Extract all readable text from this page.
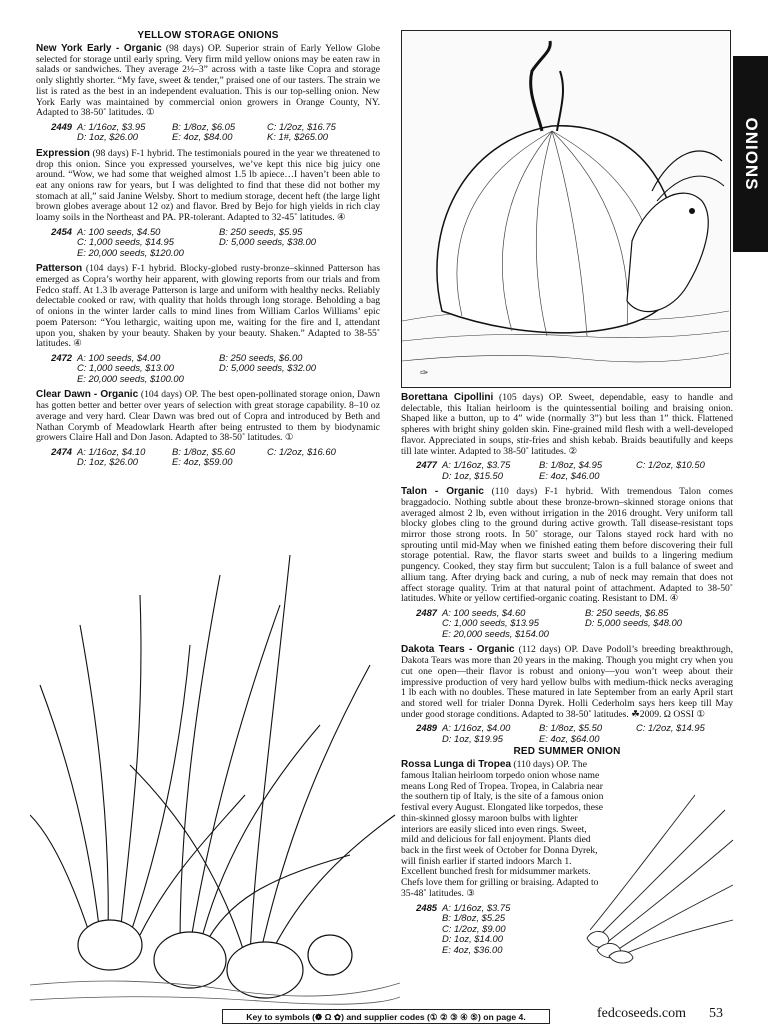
ONIONS
✑
YELLOW STORAGE ONIONS
New York Early - Organic (98 days) OP. Superior strain of Early Yellow Globe selected for storage until early spring. Very firm mild yellow onions may be eaten raw in salads or sandwiches. They average 2½–3” across with a taste like Copra and storage only slightly shorter. “My fave, sweet & tender,” praised one of our tasters. The strain we list is rated as the best in an independent evaluation. This is our top-selling onion. New York Early was maintained by commercial onion growers in Orange County, NY. Adapted to 38-50˚ latitudes. ①
2449 A: 1/16oz, $3.95	B: 1/8oz, $6.05	C: 1/2oz, $16.75
D: 1oz, $26.00	E: 4oz, $84.00	K: 1#, $265.00
Expression (98 days) F-1 hybrid. The testimonials poured in the year we threatened to drop this onion. Since you expressed yourselves, we’ve kept this nice big juicy one around. “Wow, we had some that weighed almost 1.5 lb apiece…I haven’t been able to eat any onions raw for years, but I was delighted to find that these did not bother my stomach at all,” said Janine Welsby. Short to medium storage, decent heft (the large light brown globes average about 12 oz) and flavor. Bred by Bejo for high yields in rich clay loamy soils in the Northeast and PA. PR-tolerant. Adapted to 32-45˚ latitudes. ④
2454 A: 100 seeds, $4.50	B: 250 seeds, $5.95
C: 1,000 seeds, $14.95	D: 5,000 seeds, $38.00
E: 20,000 seeds, $120.00
Patterson (104 days) F-1 hybrid. Blocky-globed rusty-bronze–skinned Patterson has emerged as Copra’s worthy heir apparent, with glowing reports from our trials and from Fedco staff. At 1.3 lb average Patterson is large and uniform with healthy necks. Reliably delectable cooked or raw, with quality that holds through long storage. Beholding a bag of onions in the winter larder calls to mind lines from William Carlos Williams’ epic poem Paterson: “You lethargic, waiting upon me, waiting for the fire and I, attendant upon you, shaken by your beauty. Shaken by your beauty. Shaken.” Adapted to 38-55˚ latitudes. ④
2472 A: 100 seeds, $4.00	B: 250 seeds, $6.00
C: 1,000 seeds, $13.00	D: 5,000 seeds, $32.00
E: 20,000 seeds, $100.00
Clear Dawn - Organic (104 days) OP. The best open-pollinated storage onion, Dawn has gotten better and better over years of selection with great storage capability. 8–10 oz average and very hard. Clear Dawn was bred out of Copra and introduced by Beth and Nathan Corymb of Meadowlark Hearth after being entrusted to them by biodynamic growers Claire Hall and Don Jason. Adapted to 38-50˚ latitudes. ①
2474 A: 1/16oz, $4.10	B: 1/8oz, $5.60	C: 1/2oz, $16.60
D: 1oz, $26.00	E: 4oz, $59.00
Borettana Cipollini (105 days) OP. Sweet, dependable, easy to handle and delectable, this Italian heirloom is the quintessential boiling and braising onion. Shaped like a button, up to 4” wide (normally 3”) but less than 1” thick. Flattened spheres with bright shiny golden skin. Fine-grained mild flesh with a well-developed flavor. Appreciated in soups, stir-fries and shish kebab. Braids beautifully and keeps till late winter. Adapted to 38-50˚ latitudes. ②
2477 A: 1/16oz, $3.75	B: 1/8oz, $4.95	C: 1/2oz, $10.50
D: 1oz, $15.50	E: 4oz, $46.00
Talon - Organic (110 days) F-1 hybrid. With tremendous Talon comes braggadocio. Nothing subtle about these bronze-brown–skinned storage onions that averaged almost 2 lb, even without irrigation in the 2016 drought. Very uniform tall blocky globes cling to the ground during active growth. Tall disease-resistant tops mirror those strong roots. In 50˚ storage, our Talons stayed rock hard with no sprouting until mid-May when we finished eating them before discovering their full storage potential. Raw, the flavor starts sweet and builds to a lingering medium pungency. Cooked, they stay firm but succulent; Talon is a full balance of sweet and allium tang. After drying back and curing, a nub of neck may remain that does not affect storage quality. Trim at that natural point of attachment. Adapted to 38-50˚ latitudes. White or yellow certified-organic coating. Resistant to DM. ④
2487 A: 100 seeds, $4.60	B: 250 seeds, $6.85
C: 1,000 seeds, $13.95	D: 5,000 seeds, $48.00
E: 20,000 seeds, $154.00
Dakota Tears - Organic (112 days) OP. Dave Podoll’s breeding breakthrough, Dakota Tears was more than 20 years in the making. Though you might cry when you cut one open—their flavor is robust and oniony—you won’t weep about their impressive production of very hard yellow bulbs with medium-thick necks averaging 1 lb each with no doubles. These matured in late September from an early April start and stored well for trialer Donna Dyrek. Holli Cederholm says hers keep till May under good storage conditions. Adapted to 38-50˚ latitudes. ☘2009. Ω OSSI ①
2489 A: 1/16oz, $4.00	B: 1/8oz, $5.50	C: 1/2oz, $14.95
D: 1oz, $19.95	E: 4oz, $64.00
RED SUMMER ONION
Rossa Lunga di Tropea (110 days) OP. The famous Italian heirloom torpedo onion whose name means Long Red of Tropea. Tropea, in Calabria near the southern tip of Italy, is the site of a famous onion festival every August. Elongated like torpedos, these thin-skinned glossy maroon bulbs with lighter interiors are easily sliced into even rings. Sweet, mild and delicious for fall enjoyment. Plants died back in the first week of October for Donna Dyrek, will finish earlier if started indoors March 1. Excellent bunched fresh for midsummer markets. Chefs love them for grilling or braising. Adapted to 35-48˚ latitudes. ③
2485 A: 1/16oz, $3.75
B: 1/8oz, $5.25
C: 1/2oz, $9.00
D: 1oz, $14.00
E: 4oz, $36.00
Key to symbols (❁ Ω ✿) and supplier codes (① ② ③ ④ ⑤) on page 4.	fedcoseeds.com 53
